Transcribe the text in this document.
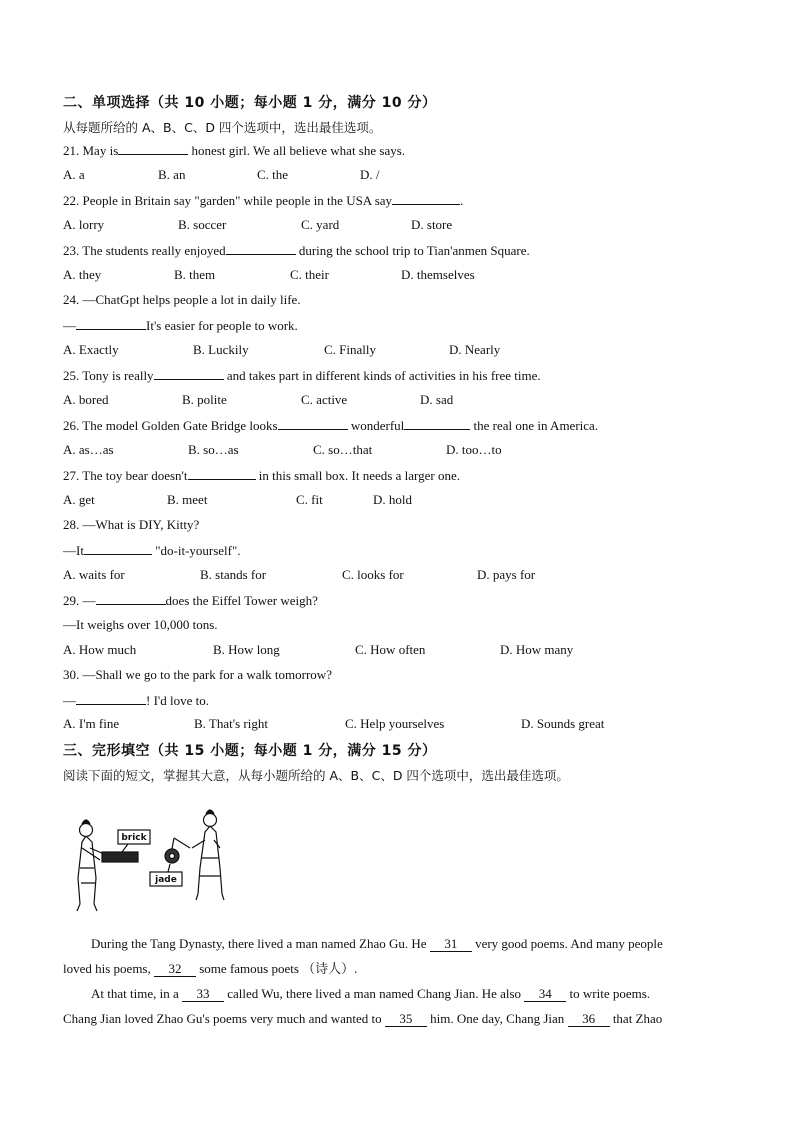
二、单项选择（共 10 小题；每小题 1 分，满分 10 分）
从每题所给的 A、B、C、D 四个选项中，选出最佳选项。
21. May is	honest girl. We all believe what she says.
A. a	B. an	C. the	D. /
22. People in Britain say "garden" while people in the USA say	.
A. lorry	B. soccer	C. yard	D. store
23. The students really enjoyed	during the school trip to Tian'anmen Square.
A. they	B. them	C. their	D. themselves
24. —ChatGpt helps people a lot in daily life.
—	It's easier for people to work.
A. Exactly	B. Luckily	C. Finally	D. Nearly
25. Tony is really	and takes part in different kinds of activities in his free time.
A. bored	B. polite	C. active	D. sad
26. The model Golden Gate Bridge looks	wonderful	the real one in America.
A. as…as	B. so…as	C. so…that	D. too…to
27. The toy bear doesn't	in this small box. It needs a larger one.
A. get	B. meet	C. fit	D. hold
28. —What is DIY, Kitty?
—It	"do-it-yourself".
A. waits for	B. stands for	C. looks for	D. pays for
29. —	does the Eiffel Tower weigh?
—It weighs over 10,000 tons.
A. How much	B. How long	C. How often	D. How many
30. —Shall we go to the park for a walk tomorrow?
—	! I'd love to.
A. I'm fine	B. That's right	C. Help yourselves	D. Sounds great
三、完形填空（共 15 小题；每小题 1 分，满分 15 分）
阅读下面的短文，掌握其大意，从每小题所给的 A、B、C、D 四个选项中，选出最佳选项。
brick
jade
During the Tang Dynasty, there lived a man named Zhao Gu. He 31 very good poems. And many people
loved his poems, 32 some famous poets （诗人）.
At that time, in a 33 called Wu, there lived a man named Chang Jian. He also 34 to write poems.
Chang Jian loved Zhao Gu's poems very much and wanted to 35 him. One day, Chang Jian 36 that Zhao
